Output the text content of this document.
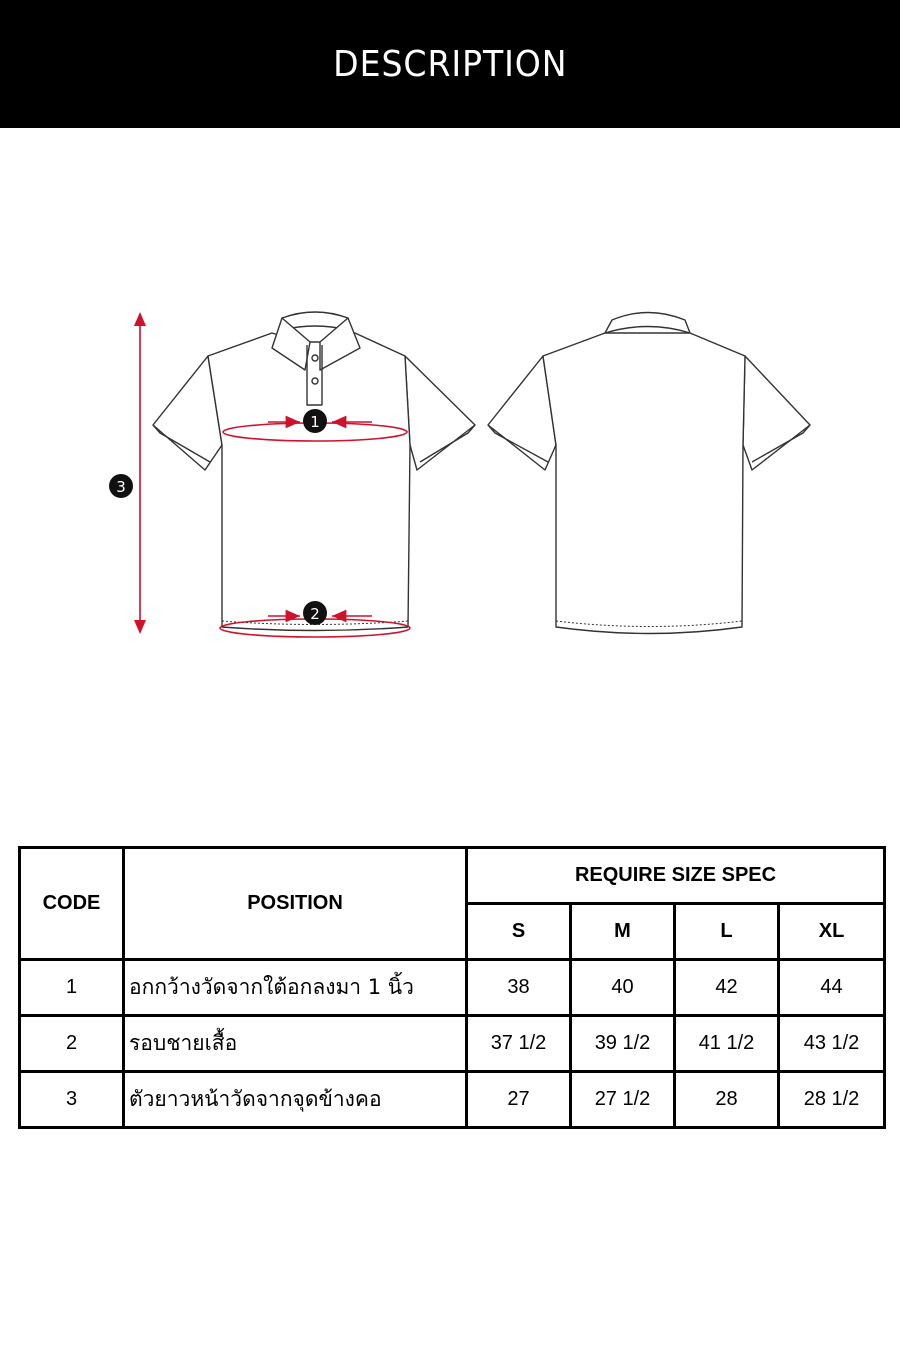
DESCRIPTION
1
2
3
CODE	POSITION	REQUIRE SIZE SPEC			
		S	M	L	XL
1	อกกว้างวัดจากใต้อกลงมา 1 นิ้ว	38	40	42	44
2	รอบชายเสื้อ	37 1/2	39 1/2	41 1/2	43 1/2
3	ตัวยาวหน้าวัดจากจุดข้างคอ	27	27 1/2	28	28 1/2
